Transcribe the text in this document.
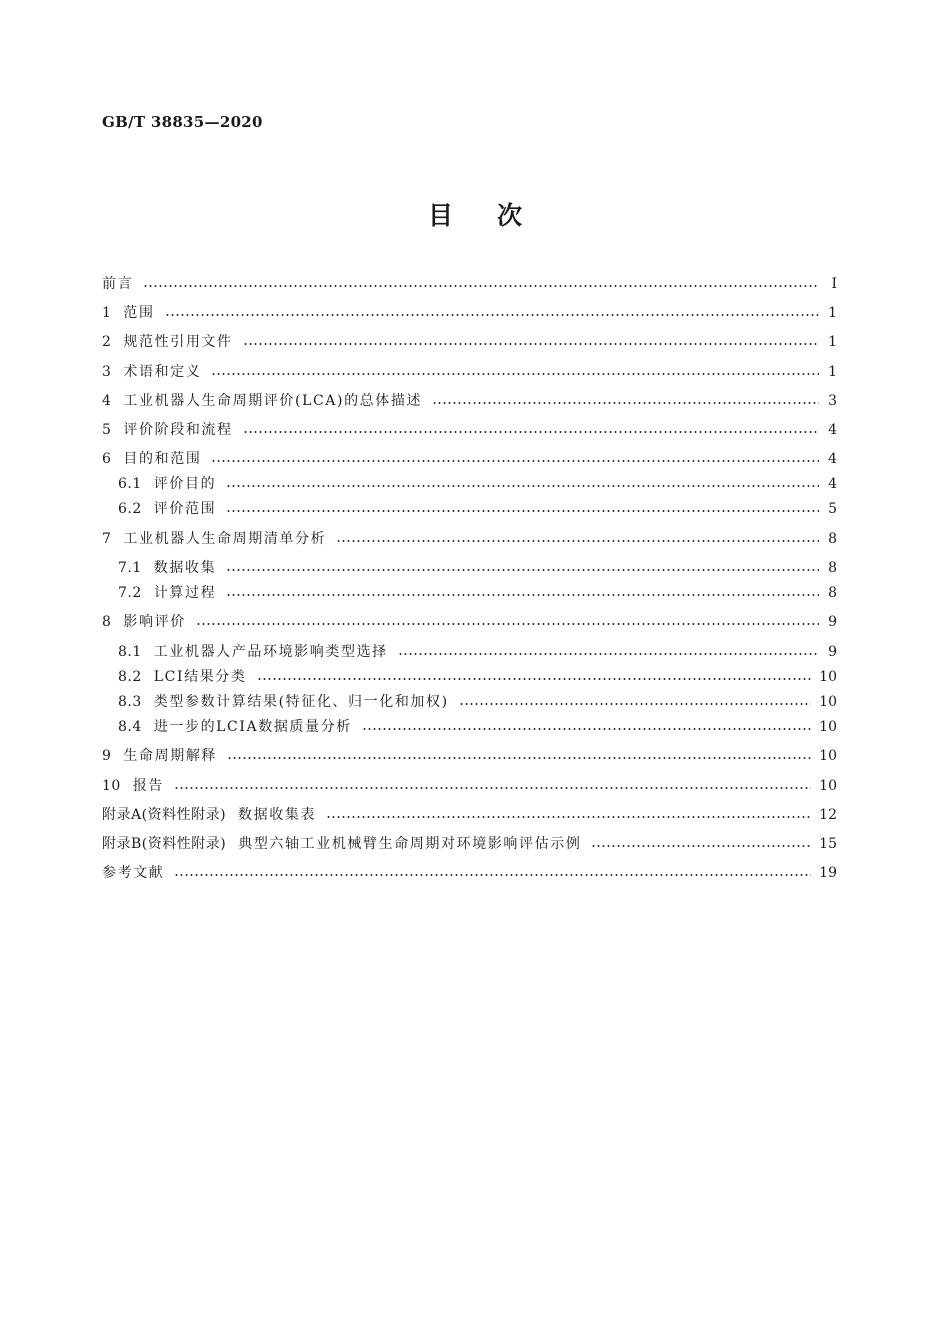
GB/T 38835—2020
目次
前言	Ⅰ
1 范围	1
2 规范性引用文件	1
3 术语和定义	1
4 工业机器人生命周期评价(LCA)的总体描述	3
5 评价阶段和流程	4
6 目的和范围	4
6.1 评价目的	4
6.2 评价范围	5
7 工业机器人生命周期清单分析	8
7.1 数据收集	8
7.2 计算过程	8
8 影响评价	9
8.1 工业机器人产品环境影响类型选择	9
8.2 LCI结果分类	10
8.3 类型参数计算结果(特征化、归一化和加权)	10
8.4 进一步的LCIA数据质量分析	10
9 生命周期解释	10
10 报告	10
附录A(资料性附录) 数据收集表	12
附录B(资料性附录) 典型六轴工业机械臂生命周期对环境影响评估示例	15
参考文献	19
